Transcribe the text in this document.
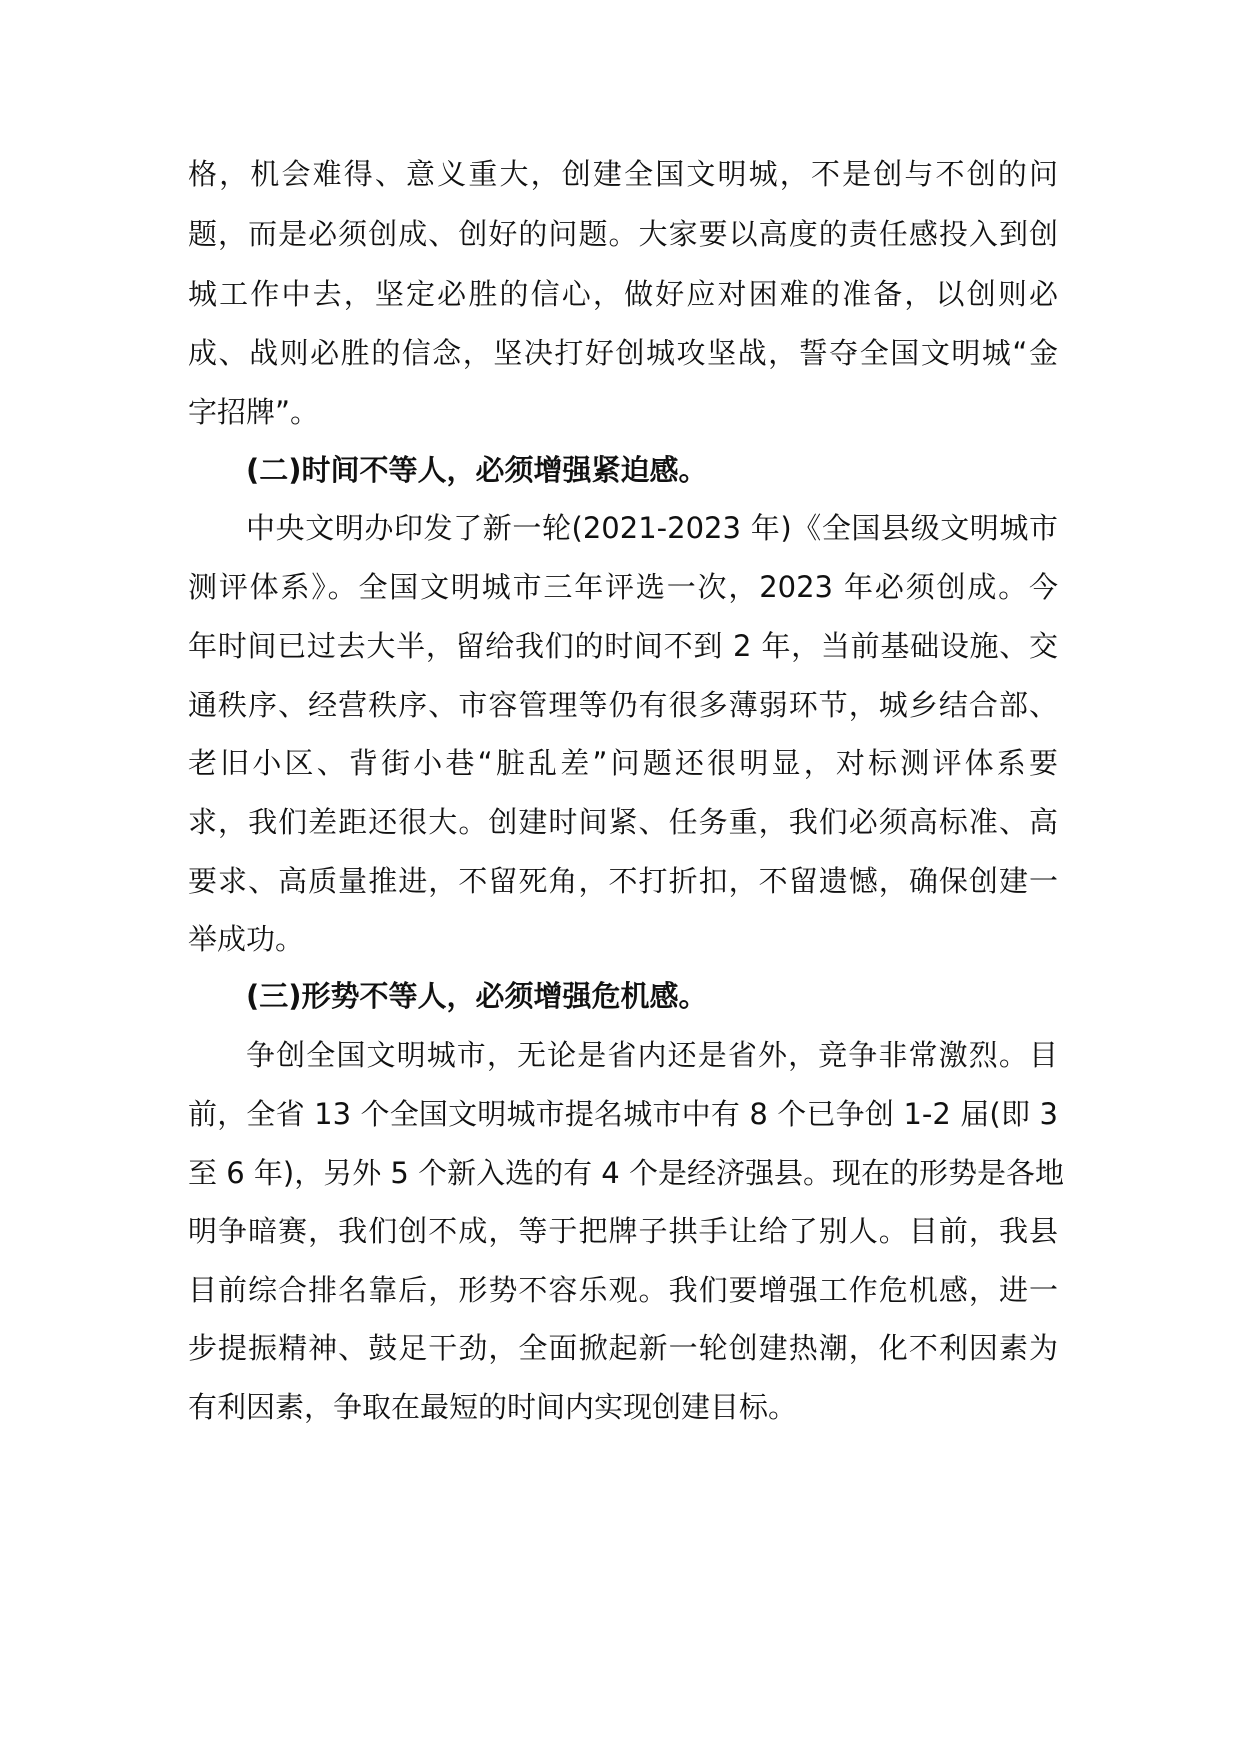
格，机会难得、意义重大，创建全国文明城，不是创与不创的问
题，而是必须创成、创好的问题。大家要以高度的责任感投入到创
城工作中去，坚定必胜的信心，做好应对困难的准备，以创则必
成、战则必胜的信念，坚决打好创城攻坚战，誓夺全国文明城“金
字招牌”。
(二)时间不等人，必须增强紧迫感。
中央文明办印发了新一轮(2021-2023 年)《全国县级文明城市
测评体系》。全国文明城市三年评选一次，2023 年必须创成。今
年时间已过去大半，留给我们的时间不到 2 年，当前基础设施、交
通秩序、经营秩序、市容管理等仍有很多薄弱环节，城乡结合部、
老旧小区、背街小巷“脏乱差”问题还很明显，对标测评体系要
求，我们差距还很大。创建时间紧、任务重，我们必须高标准、高
要求、高质量推进，不留死角，不打折扣，不留遗憾，确保创建一
举成功。
(三)形势不等人，必须增强危机感。
争创全国文明城市，无论是省内还是省外，竞争非常激烈。目
前，全省 13 个全国文明城市提名城市中有 8 个已争创 1-2 届(即 3
至 6 年)，另外 5 个新入选的有 4 个是经济强县。现在的形势是各地
明争暗赛，我们创不成，等于把牌子拱手让给了别人。目前，我县
目前综合排名靠后，形势不容乐观。我们要增强工作危机感，进一
步提振精神、鼓足干劲，全面掀起新一轮创建热潮，化不利因素为
有利因素，争取在最短的时间内实现创建目标。
